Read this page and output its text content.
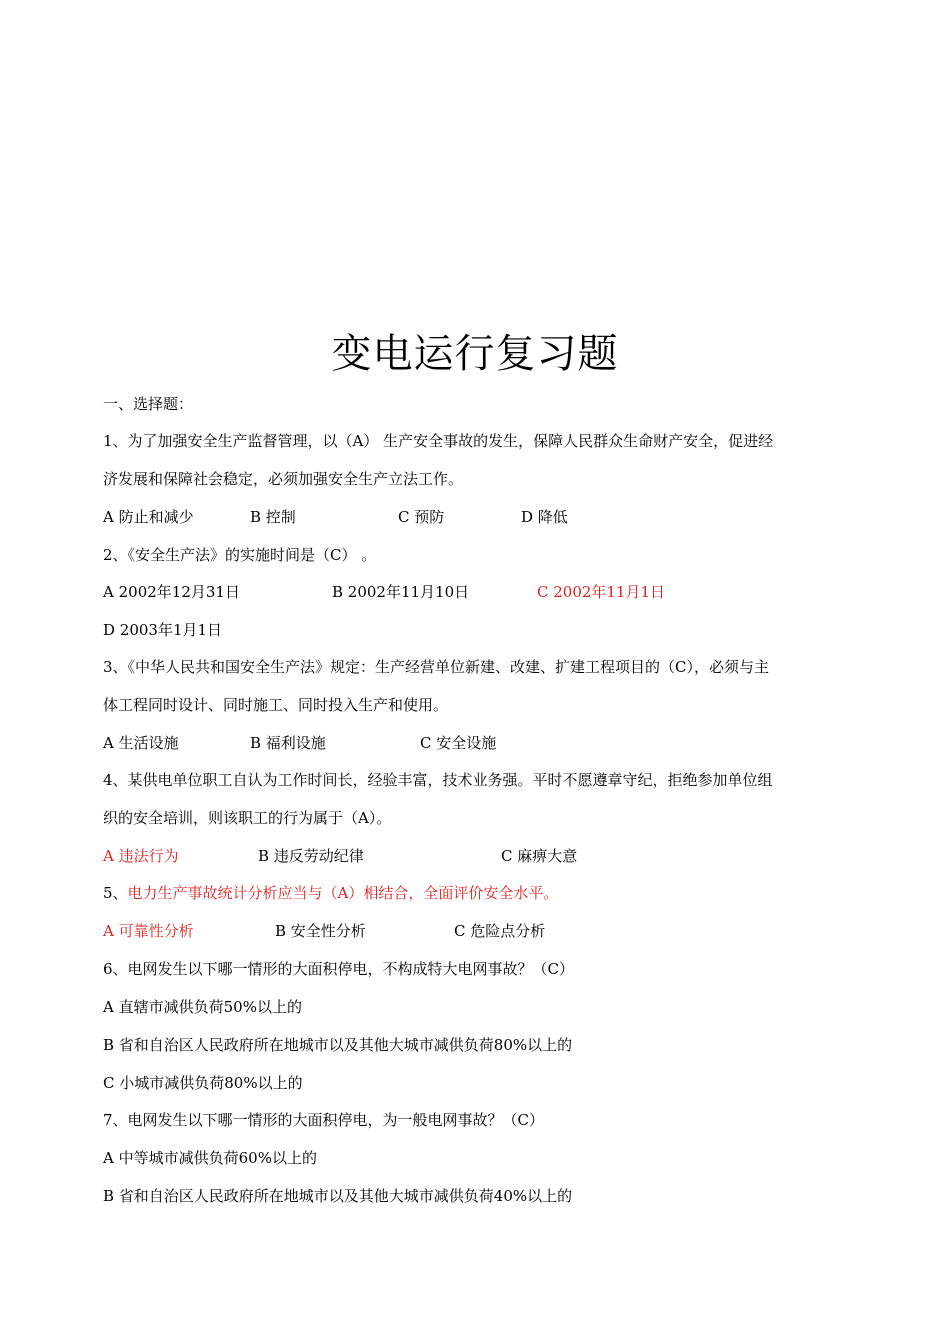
变电运行复习题
一、选择题：
1、为了加强安全生产监督管理，以（A） 生产安全事故的发生，保障人民群众生命财产安全，促进经
济发展和保障社会稳定，必须加强安全生产立法工作。
A 防止和减少	B 控制	C 预防	D 降低
2、《安全生产法》的实施时间是（C） 。
A 2002年12月31日	B 2002年11月10日	C 2002年11月1日
D 2003年1月1日
3、《中华人民共和国安全生产法》规定：生产经营单位新建、改建、扩建工程项目的（C），必须与主
体工程同时设计、同时施工、同时投入生产和使用。
A 生活设施	B 福利设施	C 安全设施
4、某供电单位职工自认为工作时间长，经验丰富，技术业务强。平时不愿遵章守纪，拒绝参加单位组
织的安全培训，则该职工的行为属于（A）。
A 违法行为	B 违反劳动纪律	C 麻痹大意
5、电力生产事故统计分析应当与（A）相结合，全面评价安全水平。
A 可靠性分析	B 安全性分析	C 危险点分析
6、电网发生以下哪一情形的大面积停电，不构成特大电网事故？（C）
A 直辖市减供负荷50%以上的
B 省和自治区人民政府所在地城市以及其他大城市减供负荷80%以上的
C 小城市减供负荷80%以上的
7、电网发生以下哪一情形的大面积停电，为一般电网事故？（C）
A 中等城市减供负荷60%以上的
B 省和自治区人民政府所在地城市以及其他大城市减供负荷40%以上的
